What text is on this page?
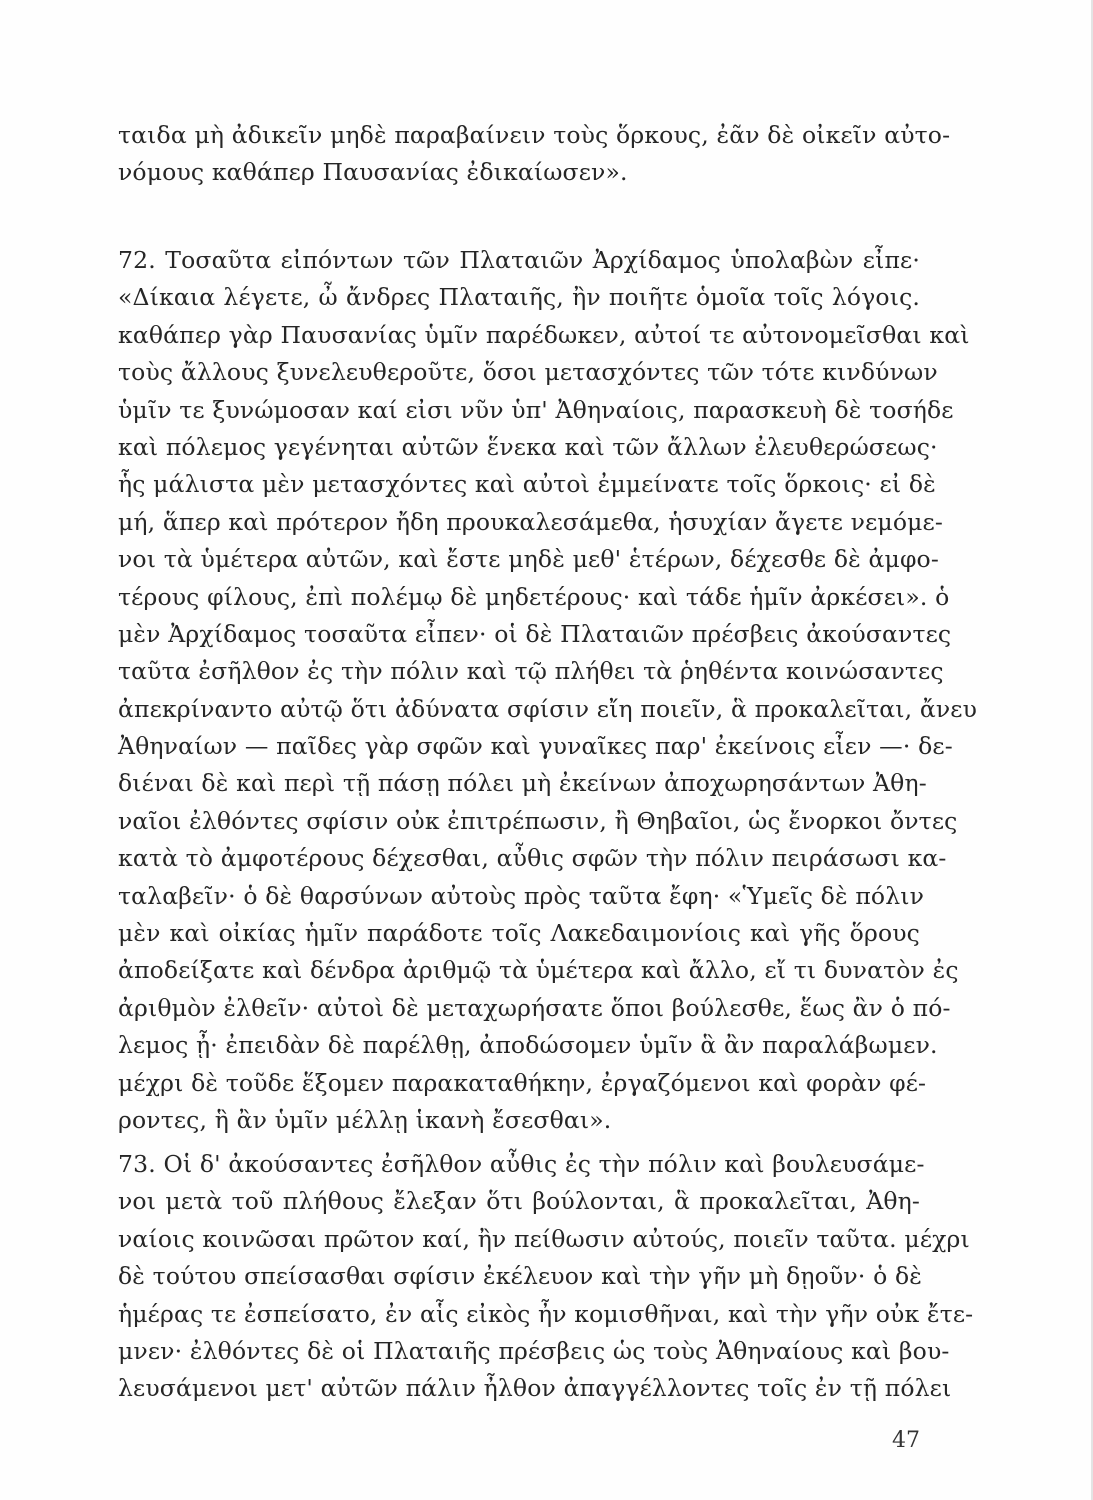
ταιδα μὴ ἀδικεῖν μηδὲ παραβαίνειν τοὺς ὅρκους, ἐᾶν δὲ οἰκεῖν αὐτο-
νόμους καθάπερ Παυσανίας ἐδικαίωσεν».
72. Τοσαῦτα εἰπόντων τῶν Πλαταιῶν Ἀρχίδαμος ὑπολαβὼν εἶπε·
«Δίκαια λέγετε, ὦ ἄνδρες Πλαταιῆς, ἢν ποιῆτε ὁμοῖα τοῖς λόγοις.
καθάπερ γὰρ Παυσανίας ὑμῖν παρέδωκεν, αὐτοί τε αὐτονομεῖσθαι καὶ
τοὺς ἄλλους ξυνελευθεροῦτε, ὅσοι μετασχόντες τῶν τότε κινδύνων
ὑμῖν τε ξυνώμοσαν καί εἰσι νῦν ὑπ' Ἀθηναίοις, παρασκευὴ δὲ τοσήδε
καὶ πόλεμος γεγένηται αὐτῶν ἕνεκα καὶ τῶν ἄλλων ἐλευθερώσεως·
ἧς μάλιστα μὲν μετασχόντες καὶ αὐτοὶ ἐμμείνατε τοῖς ὅρκοις· εἰ δὲ
μή, ἅπερ καὶ πρότερον ἤδη προυκαλεσάμεθα, ἡσυχίαν ἄγετε νεμόμε-
νοι τὰ ὑμέτερα αὐτῶν, καὶ ἔστε μηδὲ μεθ' ἑτέρων, δέχεσθε δὲ ἀμφο-
τέρους φίλους, ἐπὶ πολέμῳ δὲ μηδετέρους· καὶ τάδε ἡμῖν ἀρκέσει». ὁ
μὲν Ἀρχίδαμος τοσαῦτα εἶπεν· οἱ δὲ Πλαταιῶν πρέσβεις ἀκούσαντες
ταῦτα ἐσῆλθον ἐς τὴν πόλιν καὶ τῷ πλήθει τὰ ῥηθέντα κοινώσαντες
ἀπεκρίναντο αὐτῷ ὅτι ἀδύνατα σφίσιν εἴη ποιεῖν, ἃ προκαλεῖται, ἄνευ
Ἀθηναίων — παῖδες γὰρ σφῶν καὶ γυναῖκες παρ' ἐκείνοις εἶεν —· δε-
διέναι δὲ καὶ περὶ τῇ πάσῃ πόλει μὴ ἐκείνων ἀποχωρησάντων Ἀθη-
ναῖοι ἐλθόντες σφίσιν οὐκ ἐπιτρέπωσιν, ἢ Θηβαῖοι, ὡς ἔνορκοι ὄντες
κατὰ τὸ ἀμφοτέρους δέχεσθαι, αὖθις σφῶν τὴν πόλιν πειράσωσι κα-
ταλαβεῖν· ὁ δὲ θαρσύνων αὐτοὺς πρὸς ταῦτα ἔφη· «Ὑμεῖς δὲ πόλιν
μὲν καὶ οἰκίας ἡμῖν παράδοτε τοῖς Λακεδαιμονίοις καὶ γῆς ὅρους
ἀποδείξατε καὶ δένδρα ἀριθμῷ τὰ ὑμέτερα καὶ ἄλλο, εἴ τι δυνατὸν ἐς
ἀριθμὸν ἐλθεῖν· αὐτοὶ δὲ μεταχωρήσατε ὅποι βούλεσθε, ἕως ἂν ὁ πό-
λεμος ᾖ· ἐπειδὰν δὲ παρέλθῃ, ἀποδώσομεν ὑμῖν ἃ ἂν παραλάβωμεν.
μέχρι δὲ τοῦδε ἕξομεν παρακαταθήκην, ἐργαζόμενοι καὶ φορὰν φέ-
ροντες, ἣ ἂν ὑμῖν μέλλῃ ἱκανὴ ἔσεσθαι».
73. Οἱ δ' ἀκούσαντες ἐσῆλθον αὖθις ἐς τὴν πόλιν καὶ βουλευσάμε-
νοι μετὰ τοῦ πλήθους ἔλεξαν ὅτι βούλονται, ἃ προκαλεῖται, Ἀθη-
ναίοις κοινῶσαι πρῶτον καί, ἢν πείθωσιν αὐτούς, ποιεῖν ταῦτα. μέχρι
δὲ τούτου σπείσασθαι σφίσιν ἐκέλευον καὶ τὴν γῆν μὴ δῃοῦν· ὁ δὲ
ἡμέρας τε ἐσπείσατο, ἐν αἷς εἰκὸς ἦν κομισθῆναι, καὶ τὴν γῆν οὐκ ἔτε-
μνεν· ἐλθόντες δὲ οἱ Πλαταιῆς πρέσβεις ὡς τοὺς Ἀθηναίους καὶ βου-
λευσάμενοι μετ' αὐτῶν πάλιν ἦλθον ἀπαγγέλλοντες τοῖς ἐν τῇ πόλει
47
